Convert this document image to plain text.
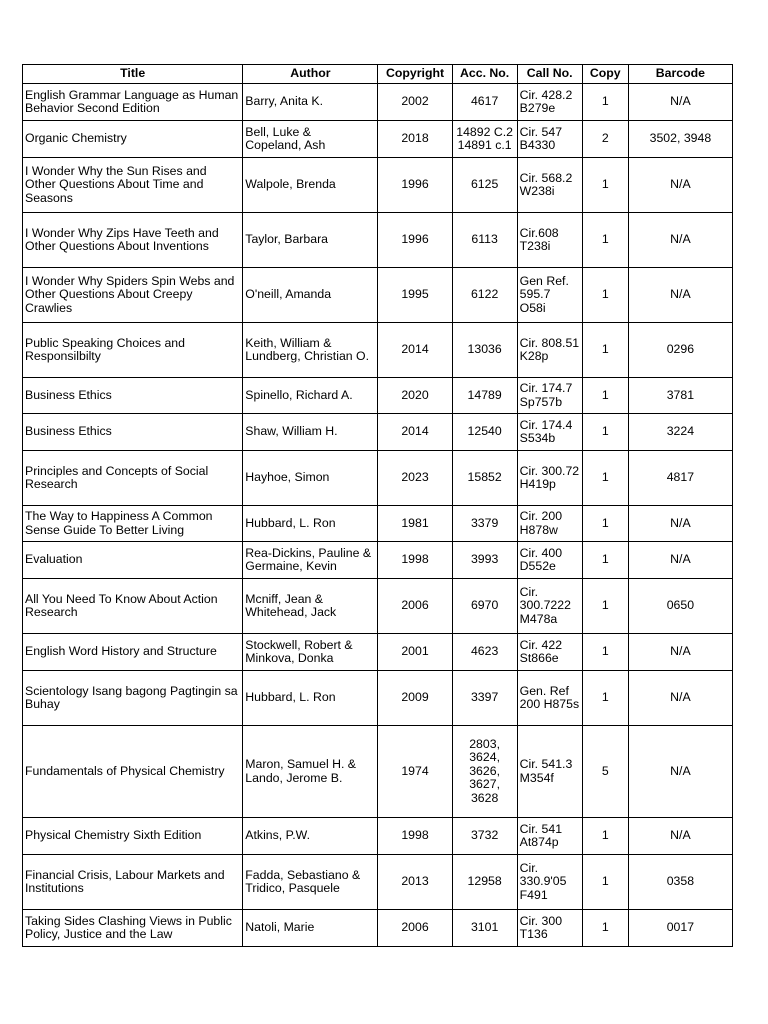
Title	Author	Copyright	Acc. No.	Call No.	Copy	Barcode
English Grammar Language as Human Behavior Second Edition	Barry, Anita K.	2002	4617	Cir. 428.2
B279e	1	N/A
Organic Chemistry	Bell, Luke &
Copeland, Ash	2018	14892 C.2
14891 c.1	Cir. 547
B4330	2	3502, 3948
I Wonder Why the Sun Rises and Other Questions About Time and Seasons	Walpole, Brenda	1996	6125	Cir. 568.2
W238i	1	N/A
I Wonder Why Zips Have Teeth and Other Questions About Inventions	Taylor, Barbara	1996	6113	Cir.608
T238i	1	N/A
I Wonder Why Spiders Spin Webs and Other Questions About Creepy Crawlies	O'neill, Amanda	1995	6122	Gen Ref.
595.7 O58i	1	N/A
Public Speaking Choices and Responsilbilty	Keith, William &
Lundberg, Christian O.	2014	13036	Cir. 808.51
K28p	1	0296
Business Ethics	Spinello, Richard A.	2020	14789	Cir. 174.7
Sp757b	1	3781
Business Ethics	Shaw, William H.	2014	12540	Cir. 174.4
S534b	1	3224
Principles and Concepts of Social Research	Hayhoe, Simon	2023	15852	Cir. 300.72
H419p	1	4817
The Way to Happiness A Common Sense Guide To Better Living	Hubbard, L. Ron	1981	3379	Cir. 200
H878w	1	N/A
Evaluation	Rea-Dickins, Pauline &
Germaine, Kevin	1998	3993	Cir. 400
D552e	1	N/A
All You Need To Know About Action Research	Mcniff, Jean &
Whitehead, Jack	2006	6970	Cir.
300.7222
M478a	1	0650
English Word History and Structure	Stockwell, Robert &
Minkova, Donka	2001	4623	Cir. 422
St866e	1	N/A
Scientology Isang bagong Pagtingin sa Buhay	Hubbard, L. Ron	2009	3397	Gen. Ref
200 H875s	1	N/A
Fundamentals of Physical Chemistry	Maron, Samuel H. &
Lando, Jerome B.	1974	2803,
3624,
3626,
3627,
3628	Cir. 541.3
M354f	5	N/A
Physical Chemistry Sixth Edition	Atkins, P.W.	1998	3732	Cir. 541
At874p	1	N/A
Financial Crisis, Labour Markets and Institutions	Fadda, Sebastiano &
Tridico, Pasquele	2013	12958	Cir.
330.9'05
F491	1	0358
Taking Sides Clashing Views in Public Policy, Justice and the Law	Natoli, Marie	2006	3101	Cir. 300
T136	1	0017
